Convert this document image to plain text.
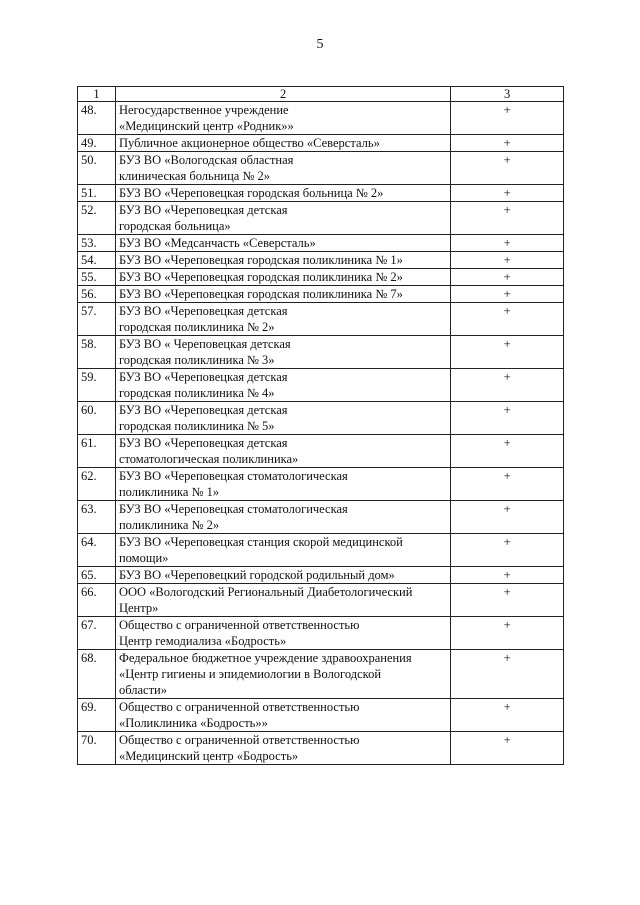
5
1	2	3
48.	Негосударственное учреждение
«Медицинский центр «Родник»»	+
49.	Публичное акционерное общество «Северсталь»	+
50.	БУЗ ВО «Вологодская областная
клиническая больница № 2»	+
51.	БУЗ ВО «Череповецкая городская больница № 2»	+
52.	БУЗ ВО «Череповецкая детская
городская больница»	+
53.	БУЗ ВО «Медсанчасть «Северсталь»	+
54.	БУЗ ВО «Череповецкая городская поликлиника № 1»	+
55.	БУЗ ВО «Череповецкая городская поликлиника № 2»	+
56.	БУЗ ВО «Череповецкая городская поликлиника № 7»	+
57.	БУЗ ВО «Череповецкая детская
городская поликлиника № 2»	+
58.	БУЗ ВО « Череповецкая детская
городская поликлиника № 3»	+
59.	БУЗ ВО «Череповецкая детская
городская поликлиника № 4»	+
60.	БУЗ ВО «Череповецкая детская
городская поликлиника № 5»	+
61.	БУЗ ВО «Череповецкая детская
стоматологическая поликлиника»	+
62.	БУЗ ВО «Череповецкая стоматологическая
поликлиника № 1»	+
63.	БУЗ ВО «Череповецкая стоматологическая
поликлиника № 2»	+
64.	БУЗ ВО «Череповецкая станция скорой медицинской
помощи»	+
65.	БУЗ ВО «Череповецкий городской родильный дом»	+
66.	ООО «Вологодский Региональный Диабетологический
Центр»	+
67.	Общество с ограниченной ответственностью
Центр гемодиализа «Бодрость»	+
68.	Федеральное бюджетное учреждение здравоохранения
«Центр гигиены и эпидемиологии в Вологодской
области»	+
69.	Общество с ограниченной ответственностью
«Поликлиника «Бодрость»»	+
70.	Общество с ограниченной ответственностью
«Медицинский центр «Бодрость»	+
